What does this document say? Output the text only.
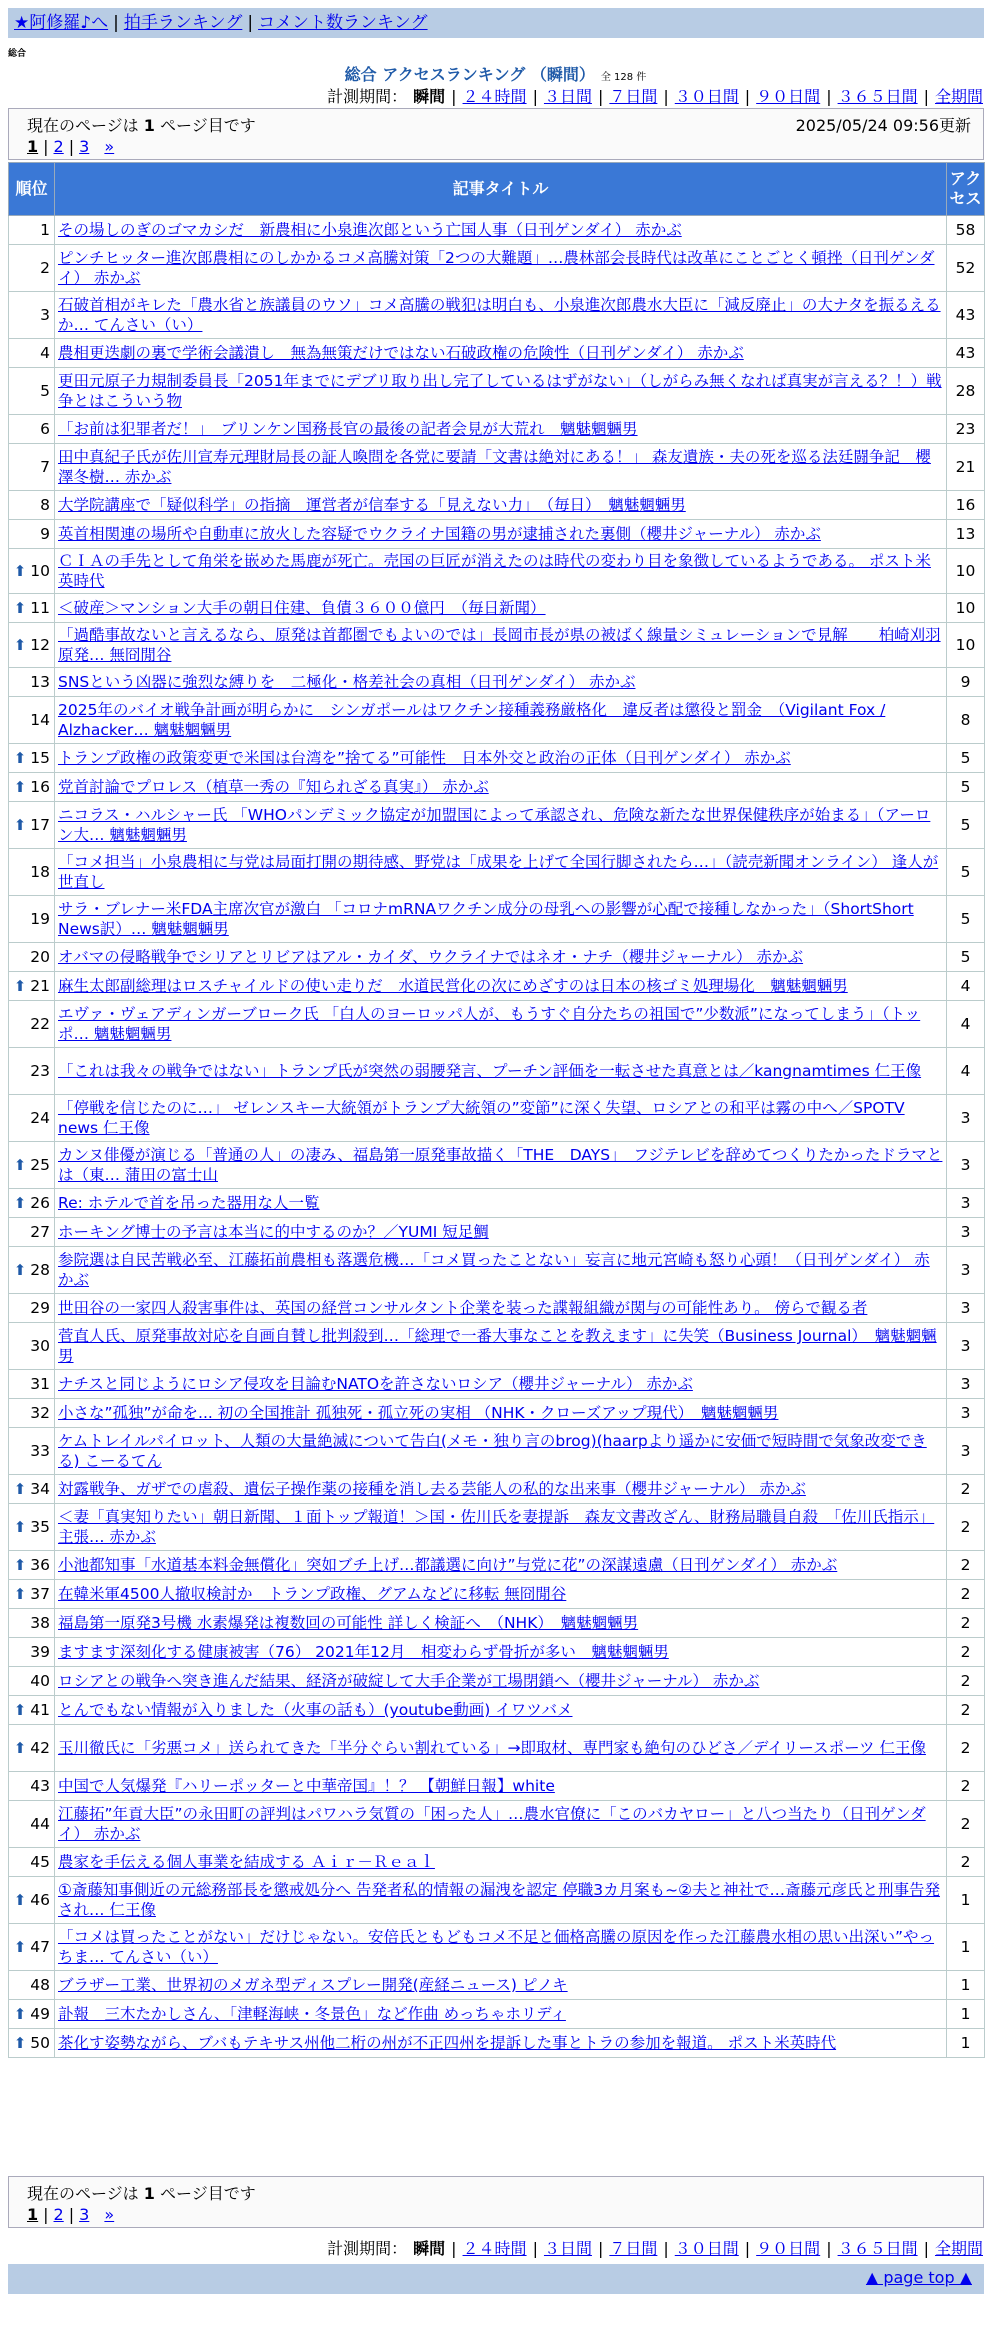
★阿修羅♪へ | 拍手ランキング | コメント数ランキング
総合
総合 アクセスランキング （瞬間） 全 128 件
計測期間： 瞬間 | ２４時間 | ３日間 | ７日間 | ３０日間 | ９０日間 | ３６５日間 | 全期間
現在のページは 1 ページ目です	2025/05/24 09:56更新
1 | 2 | 3 »
順位	記事タイトル	アクセス
1	その場しのぎのゴマカシだ　新農相に小泉進次郎という亡国人事（日刊ゲンダイ） 赤かぶ	58
2	ピンチヒッター進次郎農相にのしかかるコメ高騰対策「2つの大難題」…農林部会長時代は改革にことごとく頓挫（日刊ゲンダイ） 赤かぶ	52
3	石破首相がキレた「農水省と族議員のウソ」コメ高騰の戦犯は明白も、小泉進次郎農水大臣に「減反廃止」の大ナタを振るえるか… てんさい（い）	43
4	農相更迭劇の裏で学術会議潰し　無為無策だけではない石破政権の危険性（日刊ゲンダイ） 赤かぶ	43
5	更田元原子力規制委員長「2051年までにデブリ取り出し完了しているはずがない」（しがらみ無くなれば真実が言える？！）戦争とはこういう物	28
6	「お前は犯罪者だ！」　ブリンケン国務長官の最後の記者会見が大荒れ　魑魅魍魎男	23
7	田中真紀子氏が佐川宣寿元理財局長の証人喚問を各党に要請「文書は絶対にある！」 森友遺族・夫の死を巡る法廷闘争記　櫻澤冬樹… 赤かぶ	21
8	大学院講座で「疑似科学」の指摘　運営者が信奉する「見えない力」　（毎日）　魑魅魍魎男	16
9	英首相関連の場所や自動車に放火した容疑でウクライナ国籍の男が逮捕された裏側（櫻井ジャーナル） 赤かぶ	13
⬆ 10	ＣＩＡの手先として角栄を嵌めた馬鹿が死亡。売国の巨匠が消えたのは時代の変わり目を象徴しているようである。 ポスト米英時代	10
⬆ 11	＜破産＞マンション大手の朝日住建、負債３６００億円　（毎日新聞）	10
⬆ 12	「過酷事故ないと言えるなら、原発は首都圏でもよいのでは」長岡市長が県の被ばく線量シミュレーションで見解　　柏崎刈羽原発… 無冏閒谷	10
13	SNSという凶器に強烈な縛りを　二極化・格差社会の真相（日刊ゲンダイ） 赤かぶ	9
14	2025年のバイオ戦争計画が明らかに　シンガポールはワクチン接種義務厳格化　違反者は懲役と罰金　（Vigilant Fox / Alzhacker… 魑魅魍魎男	8
⬆ 15	トランプ政権の政策変更で米国は台湾を”捨てる”可能性　日本外交と政治の正体（日刊ゲンダイ） 赤かぶ	5
⬆ 16	党首討論でプロレス（植草一秀の『知られざる真実』） 赤かぶ	5
⬆ 17	ニコラス・ハルシャー氏 「WHOパンデミック協定が加盟国によって承認され、危険な新たな世界保健秩序が始まる」（アーロン大… 魑魅魍魎男	5
18	「コメ担当」小泉農相に与党は局面打開の期待感、野党は「成果を上げて全国行脚されたら…」（読売新聞オンライン） 逢人が世直し	5
19	サラ・ブレナー米FDA主席次官が激白 「コロナmRNAワクチン成分の母乳への影響が心配で接種しなかった」（ShortShort News訳）… 魑魅魍魎男	5
20	オバマの侵略戦争でシリアとリビアはアル・カイダ、ウクライナではネオ・ナチ（櫻井ジャーナル） 赤かぶ	5
⬆ 21	麻生太郎副総理はロスチャイルドの使い走りだ　水道民営化の次にめざすのは日本の核ゴミ処理場化　魑魅魍魎男	4
22	エヴァ・ヴェアディンガーブローク氏 「白人のヨーロッパ人が、もうすぐ自分たちの祖国で”少数派”になってしまう」（トッポ… 魑魅魍魎男	4
23	「これは我々の戦争ではない」トランプ氏が突然の弱腰発言、プーチン評価を一転させた真意とは／kangnamtimes 仁王像	4
24	「停戦を信じたのに…」 ゼレンスキー大統領がトランプ大統領の”変節”に深く失望、ロシアとの和平は霧の中へ／SPOTV news 仁王像	3
⬆ 25	カンヌ俳優が演じる「普通の人」の凄み、福島第一原発事故描く「THE　DAYS」　フジテレビを辞めてつくりたかったドラマとは（東… 蒲田の富士山	3
⬆ 26	Re: ホテルで首を吊った器用な人一覧	3
27	ホーキング博士の予言は本当に的中するのか？／YUMI 短足鯛	3
⬆ 28	参院選は自民苦戦必至、江藤拓前農相も落選危機…「コメ買ったことない」妄言に地元宮崎も怒り心頭！（日刊ゲンダイ） 赤かぶ	3
29	世田谷の一家四人殺害事件は、英国の経営コンサルタント企業を装った諜報組織が関与の可能性あり。 傍らで観る者	3
30	菅直人氏、原発事故対応を自画自賛し批判殺到…「総理で一番大事なことを教えます」に失笑（Business Journal）　魑魅魍魎男	3
31	ナチスと同じようにロシア侵攻を目論むNATOを許さないロシア（櫻井ジャーナル） 赤かぶ	3
32	小さな”孤独”が命を... 初の全国推計 孤独死・孤立死の実相 （NHK・クローズアップ現代）　魑魅魍魎男	3
33	ケムトレイルパイロット、人類の大量絶滅について告白(メモ・独り言のbrog)(haarpより遥かに安価で短時間で気象改変できる) こーるてん	3
⬆ 34	対露戦争、ガザでの虐殺、遺伝子操作薬の接種を消し去る芸能人の私的な出来事（櫻井ジャーナル） 赤かぶ	2
⬆ 35	＜妻「真実知りたい」朝日新聞、１面トップ報道！＞国・佐川氏を妻提訴　森友文書改ざん、財務局職員自殺　「佐川氏指示」主張… 赤かぶ	2
⬆ 36	小池都知事「水道基本料金無償化」突如ブチ上げ…都議選に向け”与党に花”の深謀遠慮（日刊ゲンダイ） 赤かぶ	2
⬆ 37	在韓米軍4500人撤収検討か　トランプ政権、グアムなどに移転 無冏閒谷	2
38	福島第一原発3号機 水素爆発は複数回の可能性 詳しく検証へ　（NHK）　魑魅魍魎男	2
39	ますます深刻化する健康被害（76） 2021年12月　相変わらず骨折が多い　魑魅魍魎男	2
40	ロシアとの戦争へ突き進んだ結果、経済が破綻して大手企業が工場閉鎖へ（櫻井ジャーナル） 赤かぶ	2
⬆ 41	とんでもない情報が入りました（火事の話も）(youtube動画) イワツバメ	2
⬆ 42	玉川徹氏に「劣悪コメ」送られてきた「半分ぐらい割れている」→即取材、専門家も絶句のひどさ／デイリースポーツ 仁王像	2
43	中国で人気爆発『ハリーポッターと中華帝国』！？ 【朝鮮日報】white	2
44	江藤拓”年貢大臣”の永田町の評判はパワハラ気質の「困った人」…農水官僚に「このバカヤロー」と八つ当たり（日刊ゲンダイ） 赤かぶ	2
45	農家を手伝える個人事業を結成する Ａｉｒ－Ｒｅａｌ	2
⬆ 46	①斎藤知事側近の元総務部長を懲戒処分へ 告発者私的情報の漏洩を認定 停職3カ月案も~②夫と神社で…斎藤元彦氏と刑事告発され… 仁王像	1
⬆ 47	「コメは買ったことがない」だけじゃない。安倍氏ともどもコメ不足と価格高騰の原因を作った江藤農水相の思い出深い”やっちま… てんさい（い）	1
48	ブラザー工業、世界初のメガネ型ディスプレー開発(産経ニュース) ピノキ	1
⬆ 49	訃報　三木たかしさん、「津軽海峡・冬景色」など作曲 めっちゃホリディ	1
⬆ 50	茶化す姿勢ながら、ブバもテキサス州他二桁の州が不正四州を提訴した事とトラの参加を報道。 ポスト米英時代	1
現在のページは 1 ページ目です
1 | 2 | 3 »
計測期間： 瞬間 | ２４時間 | ３日間 | ７日間 | ３０日間 | ９０日間 | ３６５日間 | 全期間
▲ page top ▲
